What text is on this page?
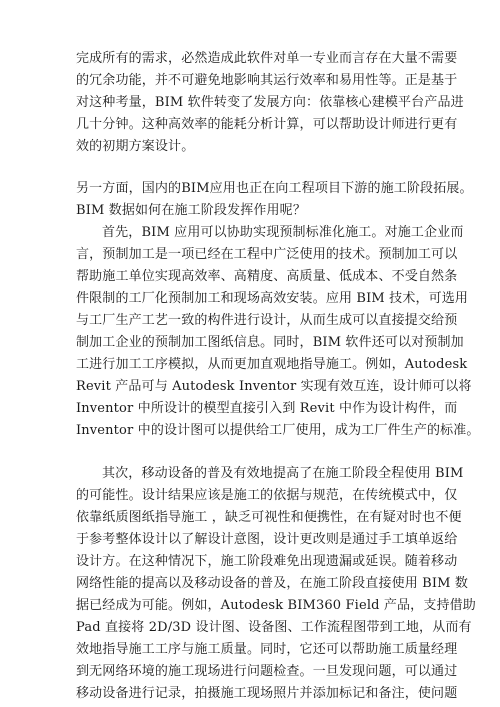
完成所有的需求，必然造成此软件对单一专业而言存在大量不需要
的冗余功能，并不可避免地影响其运行效率和易用性等。正是基于
对这种考量，BIM 软件转变了发展方向：依靠核心建模平台产品进
几十分钟。这种高效率的能耗分析计算，可以帮助设计师进行更有
效的初期方案设计。
另一方面，国内的BIM应用也正在向工程项目下游的施工阶段拓展。
BIM 数据如何在施工阶段发挥作用呢？
首先，BIM 应用可以协助实现预制标准化施工。对施工企业而
言，预制加工是一项已经在工程中广泛使用的技术。预制加工可以
帮助施工单位实现高效率、高精度、高质量、低成本、不受自然条
件限制的工厂化预制加工和现场高效安装。应用 BIM 技术，可选用
与工厂生产工艺一致的构件进行设计，从而生成可以直接提交给预
制加工企业的预制加工图纸信息。同时，BIM 软件还可以对预制加
工进行加工工序模拟，从而更加直观地指导施工。例如，Autodesk
Revit 产品可与 Autodesk Inventor 实现有效互连，设计师可以将
Inventor 中所设计的模型直接引入到 Revit 中作为设计构件，而
Inventor 中的设计图可以提供给工厂使用，成为工厂件生产的标准。
其次，移动设备的普及有效地提高了在施工阶段全程使用 BIM
的可能性。设计结果应该是施工的依据与规范，在传统模式中，仅
依靠纸质图纸指导施工 ，缺乏可视性和便携性，在有疑对时也不便
于参考整体设计以了解设计意图，设计更改则是通过手工填单返给
设计方。在这种情况下，施工阶段难免出现遗漏或延误。随着移动
网络性能的提高以及移动设备的普及，在施工阶段直接使用 BIM 数
据已经成为可能。例如，Autodesk BIM360 Field 产品，支持借助
Pad 直接将 2D/3D 设计图、设备图、工作流程图带到工地，从而有
效地指导施工工序与施工质量。同时，它还可以帮助施工质量经理
到无网络环境的施工现场进行问题检查。一旦发现问题，可以通过
移动设备进行记录，拍摄施工现场照片并添加标记和备注，使问题
